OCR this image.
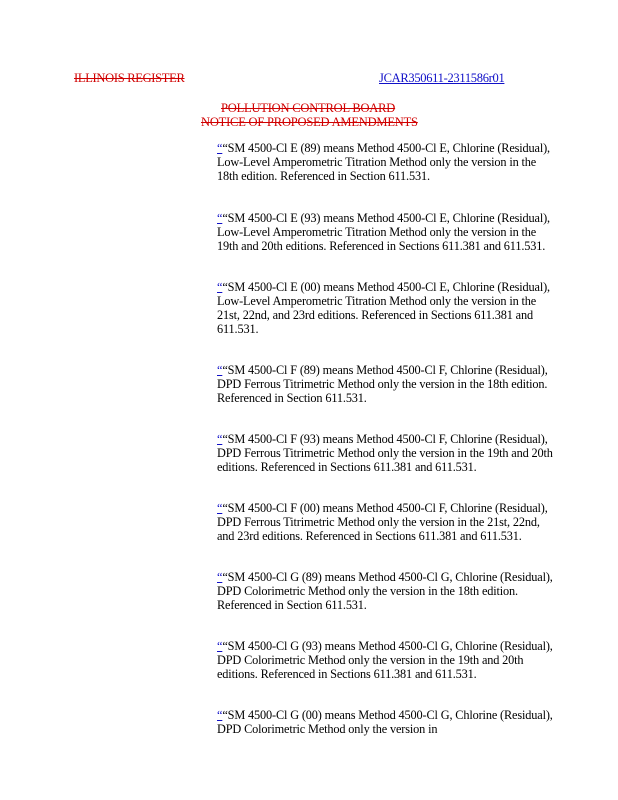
ILLINOIS REGISTER	JCAR350611-2311586r01
POLLUTION CONTROL BOARD
NOTICE OF PROPOSED AMENDMENTS

““SM 4500-Cl E (89) means Method 4500-Cl E, Chlorine (Residual), Low-Level Amperometric Titration Method only the version in the 18th edition. Referenced in Section 611.531.

““SM 4500-Cl E (93) means Method 4500-Cl E, Chlorine (Residual), Low-Level Amperometric Titration Method only the version in the 19th and 20th editions. Referenced in Sections 611.381 and 611.531.

““SM 4500-Cl E (00) means Method 4500-Cl E, Chlorine (Residual), Low-Level Amperometric Titration Method only the version in the 21st, 22nd, and 23rd editions. Referenced in Sections 611.381 and 611.531.

““SM 4500-Cl F (89) means Method 4500-Cl F, Chlorine (Residual), DPD Ferrous Titrimetric Method only the version in the 18th edition. Referenced in Section 611.531.

““SM 4500-Cl F (93) means Method 4500-Cl F, Chlorine (Residual), DPD Ferrous Titrimetric Method only the version in the 19th and 20th editions. Referenced in Sections 611.381 and 611.531.

““SM 4500-Cl F (00) means Method 4500-Cl F, Chlorine (Residual), DPD Ferrous Titrimetric Method only the version in the 21st, 22nd, and 23rd editions. Referenced in Sections 611.381 and 611.531.

““SM 4500-Cl G (89) means Method 4500-Cl G, Chlorine (Residual), DPD Colorimetric Method only the version in the 18th edition. Referenced in Section 611.531.

““SM 4500-Cl G (93) means Method 4500-Cl G, Chlorine (Residual), DPD Colorimetric Method only the version in the 19th and 20th editions. Referenced in Sections 611.381 and 611.531.

““SM 4500-Cl G (00) means Method 4500-Cl G, Chlorine (Residual), DPD Colorimetric Method only the version in
